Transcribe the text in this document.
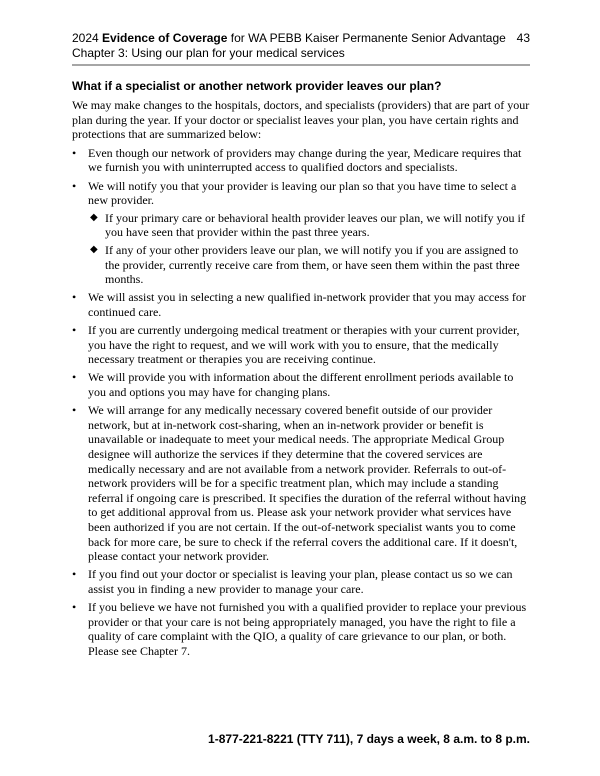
2024 Evidence of Coverage for WA PEBB Kaiser Permanente Senior Advantage
Chapter 3: Using our plan for your medical services
43
What if a specialist or another network provider leaves our plan?

We may make changes to the hospitals, doctors, and specialists (providers) that are part of your plan during the year. If your doctor or specialist leaves your plan, you have certain rights and protections that are summarized below:

• Even though our network of providers may change during the year, Medicare requires that we furnish you with uninterrupted access to qualified doctors and specialists.
• We will notify you that your provider is leaving our plan so that you have time to select a new provider.
◆ If your primary care or behavioral health provider leaves our plan, we will notify you if you have seen that provider within the past three years.
◆ If any of your other providers leave our plan, we will notify you if you are assigned to the provider, currently receive care from them, or have seen them within the past three months.
• We will assist you in selecting a new qualified in-network provider that you may access for continued care.
• If you are currently undergoing medical treatment or therapies with your current provider, you have the right to request, and we will work with you to ensure, that the medically necessary treatment or therapies you are receiving continue.
• We will provide you with information about the different enrollment periods available to you and options you may have for changing plans.
• We will arrange for any medically necessary covered benefit outside of our provider network, but at in-network cost-sharing, when an in-network provider or benefit is unavailable or inadequate to meet your medical needs. The appropriate Medical Group designee will authorize the services if they determine that the covered services are medically necessary and are not available from a network provider. Referrals to out-of-network providers will be for a specific treatment plan, which may include a standing referral if ongoing care is prescribed. It specifies the duration of the referral without having to get additional approval from us. Please ask your network provider what services have been authorized if you are not certain. If the out-of-network specialist wants you to come back for more care, be sure to check if the referral covers the additional care. If it doesn't, please contact your network provider.
• If you find out your doctor or specialist is leaving your plan, please contact us so we can assist you in finding a new provider to manage your care.
• If you believe we have not furnished you with a qualified provider to replace your previous provider or that your care is not being appropriately managed, you have the right to file a quality of care complaint with the QIO, a quality of care grievance to our plan, or both. Please see Chapter 7.
1-877-221-8221 (TTY 711), 7 days a week, 8 a.m. to 8 p.m.
